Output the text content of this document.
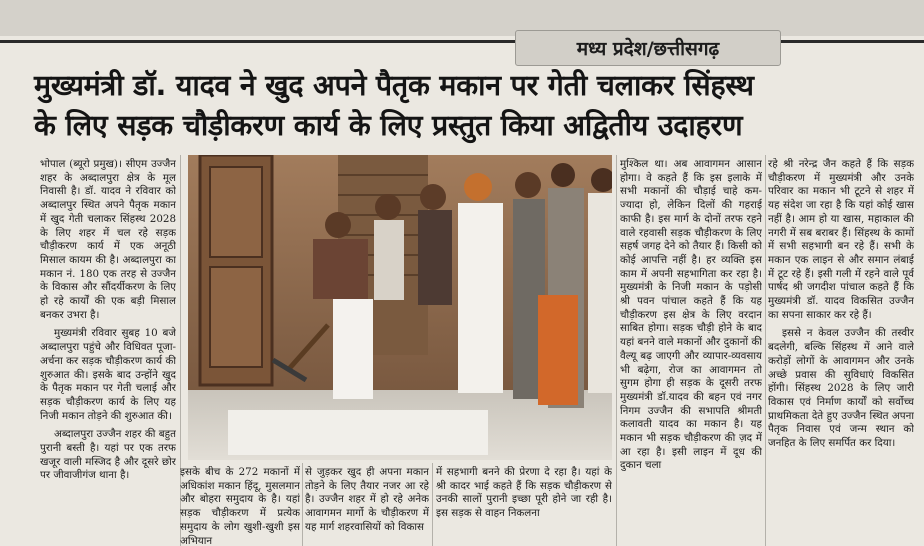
मध्य प्रदेश/छत्तीसगढ़
मुख्यमंत्री डॉ. यादव ने खुद अपने पैतृक मकान पर गेती चलाकर सिंहस्थ
के लिए सड़क चौड़ीकरण कार्य के लिए प्रस्तुत किया अद्वितीय उदाहरण

भोपाल (ब्यूरो प्रमुख)। सीएम उज्जैन शहर के अब्दालपुरा क्षेत्र के मूल निवासी है। डॉ. यादव ने रविवार को अब्दालपुर स्थित अपने पैतृक मकान में खुद गेती चलाकर सिंहस्थ 2028 के लिए शहर में चल रहे सड़क चौड़ीकरण कार्य में एक अनूठी मिसाल कायम की है। अब्दालपुरा का मकान नं. 180 एक तरह से उज्जैन के विकास और सौंदर्यीकरण के लिए हो रहे कार्यों की एक बड़ी मिसाल बनकर उभरा है।

मुख्यमंत्री रविवार सुबह 10 बजे अब्दालपुरा पहुंचे और विधिवत पूजा-अर्चना कर सड़क चौड़ीकरण कार्य की शुरुआत की। इसके बाद उन्होंने खुद के पैतृक मकान पर गेती चलाई और सड़क चौड़ीकरण कार्य के लिए यह निजी मकान तोड़ने की शुरुआत की।

अब्दालपुरा उज्जैन शहर की बहुत पुरानी बस्ती है। यहां पर एक तरफ खजूर वाली मस्जिद है और दूसरे छोर पर जीवाजीगंज थाना है।	इसके बीच के 272 मकानों में अधिकांश मकान हिंदू, मुसलमान और बोहरा समुदाय के है। यहां सड़क चौड़ीकरण में प्रत्येक समुदाय के लोग खुशी-खुशी इस अभियान

से जुड़कर खुद ही अपना मकान तोड़ने के लिए तैयार नजर आ रहे है। उज्जैन शहर में हो रहे अनेक आवागमन मार्गो के चौड़ीकरण में यह मार्ग शहरवासियों को विकास

में सहभागी बनने की प्रेरणा दे रहा है। यहां के श्री कादर भाई कहते हैं कि सड़क चौड़ीकरण से उनकी सालों पुरानी इच्छा पूरी होने जा रही है। इस सड़क से वाहन निकलना

मुश्किल था। अब आवागमन आसान होगा। वे कहते हैं कि इस इलाके में सभी मकानों की चौड़ाई चाहे कम-ज्यादा हो, लेकिन दिलों की गहराई काफी है। इस मार्ग के दोनों तरफ रहने वाले रहवासी सड़क चौड़ीकरण के लिए सहर्ष जगह देने को तैयार हैं। किसी को कोई आपत्ति नहीं है। हर व्यक्ति इस काम में अपनी सहभागिता कर रहा है। मुख्यमंत्री के निजी मकान के पड़ोसी श्री पवन पांचाल कहते हैं कि यह चौड़ीकरण इस क्षेत्र के लिए वरदान साबित होगा। सड़क चौड़ी होने के बाद यहां बनने वाले मकानों और दुकानों की वैल्यू बढ़ जाएगी और व्यापार-व्यवसाय भी बढ़ेगा, रोज का आवागमन तो सुगम होगा ही सड़क के दूसरी तरफ मुख्यमंत्री डॉ.यादव की बहन एवं नगर निगम उज्जैन की सभापति श्रीमती कलावती यादव का मकान है। यह मकान भी सड़क चौड़ीकरण की ज़द में आ रहा है। इसी लाइन में दूध की दुकान चला

रहे श्री नरेन्द्र जैन कहते हैं कि सड़क चौड़ीकरण में मुख्यमंत्री और उनके परिवार का मकान भी टूटने से शहर में यह संदेश जा रहा है कि यहां कोई खास नहीं है। आम हो या खास, महाकाल की नगरी में सब बराबर हैं। सिंहस्थ के कामों में सभी सहभागी बन रहे हैं। सभी के मकान एक लाइन से और समान लंबाई में टूट रहे हैं। इसी गली में रहने वाले पूर्व पार्षद श्री जगदीश पांचाल कहते हैं कि मुख्यमंत्री डॉ. यादव विकसित उज्जैन का सपना साकार कर रहे हैं।

इससे न केवल उज्जैन की तस्वीर बदलेगी, बल्कि सिंहस्थ में आने वाले करोड़ों लोगों के आवागमन और उनके अच्छे प्रवास की सुविधाएं विकसित होंगी। सिंहस्थ 2028 के लिए जारी विकास एवं निर्माण कार्यों को सर्वोच्च प्राथमिकता देते हुए उज्जैन स्थित अपना पैतृक निवास एवं जन्म स्थान को जनहित के लिए समर्पित कर दिया।
